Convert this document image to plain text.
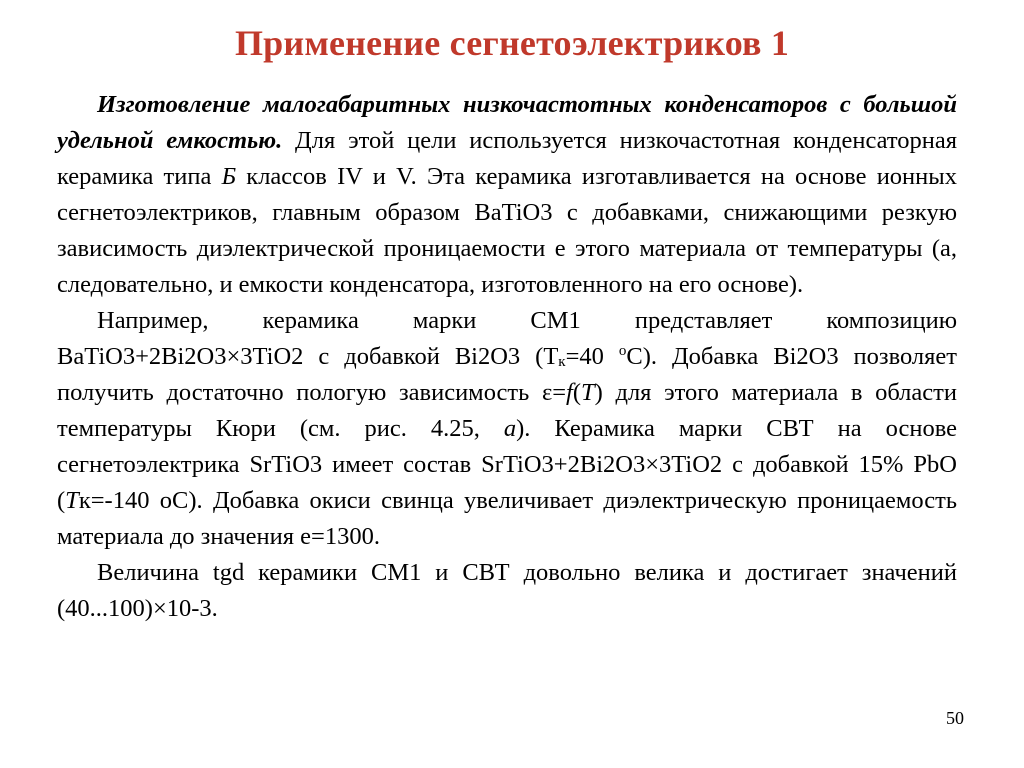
Применение сегнетоэлектриков 1

Изготовление малогабаритных низкочастотных конденсаторов с большой удельной емкостью. Для этой цели используется низкочастотная конденсаторная керамика типа Б классов IV и V. Эта керамика изготавливается на основе ионных сегнетоэлектриков, главным образом BaTiO3 с добавками, снижающими резкую зависимость диэлектрической проницаемости е этого материала от температуры (а, следовательно, и емкости конденсатора, изготовленного на его основе).

Например, керамика марки СМ1 представляет композицию BaTiO3+2Bi2O3×3TiO2 с добавкой Bi2O3 ($Т_к=40$ $^o$С). Добавка Bi2O3 позволяет получить достаточно пологую зависимость ε=f(T) для этого материала в области температуры Кюри (см. рис. 4.25, а). Керамика марки СВТ на основе сегнетоэлектрика SrTiO3 имеет состав SrTiO3+2Bi2O3×3TiO2 с добавкой 15% PbO (Тк=-140 oС). Добавка окиси свинца увеличивает диэлектрическую проницаемость материала до значения е=1300.

Величина tgd керамики СМ1 и СВТ довольно велика и достигает значений (40...100)×10-3.

50
